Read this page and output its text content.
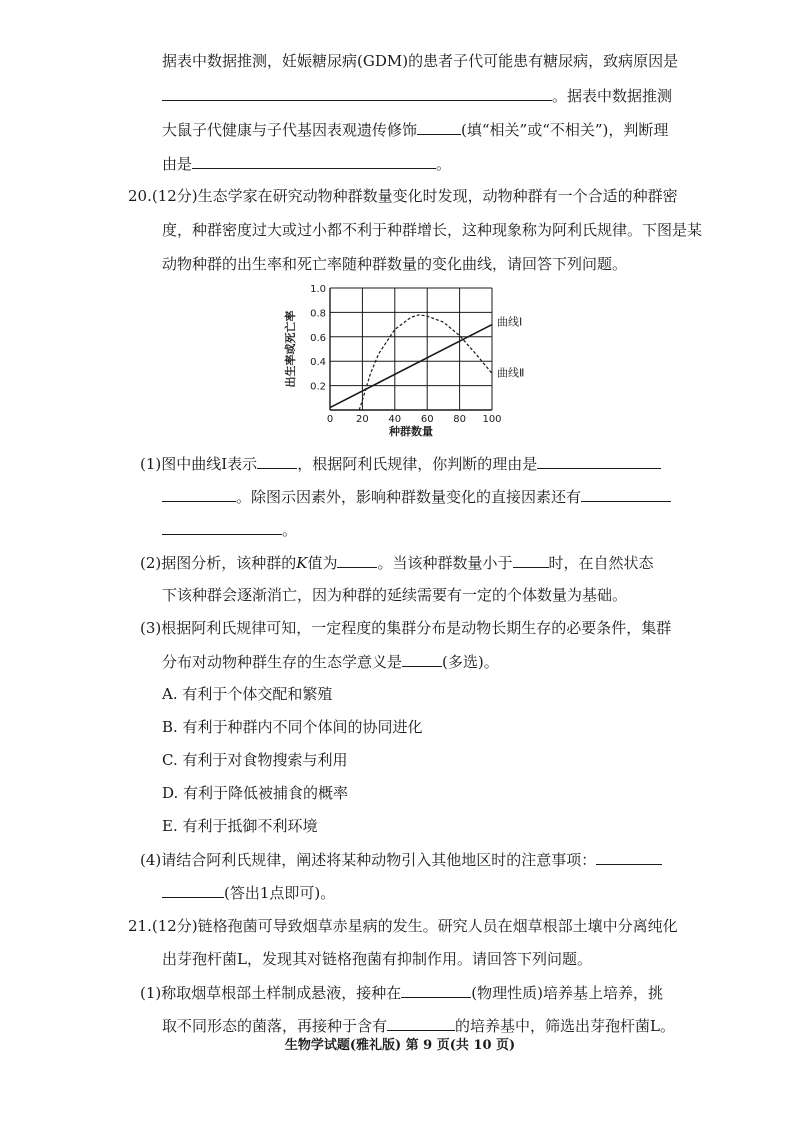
据表中数据推测，妊娠糖尿病(GDM)的患者子代可能患有糖尿病，致病原因是
。据表中数据推测
大鼠子代健康与子代基因表观遗传修饰	(填“相关”或“不相关”)，判断理
由是	。
20.(12分)生态学家在研究动物种群数量变化时发现，动物种群有一个合适的种群密
度，种群密度过大或过小都不利于种群增长，这种现象称为阿利氏规律。下图是某
动物种群的出生率和死亡率随种群数量的变化曲线，请回答下列问题。
0 20 40 60 80 100
0.2
0.4
0.6
0.8
1.0
种群数量
出生率或死亡率	曲线Ⅰ
曲线Ⅱ
(1)图中曲线Ⅰ表示	，根据阿利氏规律，你判断的理由是
。除图示因素外，影响种群数量变化的直接因素还有
。
(2)据图分析，该种群的K值为	。当该种群数量小于 时，在自然状态
下该种群会逐渐消亡，因为种群的延续需要有一定的个体数量为基础。
(3)根据阿利氏规律可知，一定程度的集群分布是动物长期生存的必要条件，集群
分布对动物种群生存的生态学意义是	(多选)。
A. 有利于个体交配和繁殖
B. 有利于种群内不同个体间的协同进化
C. 有利于对食物搜索与利用
D. 有利于降低被捕食的概率
E. 有利于抵御不利环境
(4)请结合阿利氏规律，阐述将某种动物引入其他地区时的注意事项：
(答出1点即可)。
21.(12分)链格孢菌可导致烟草赤星病的发生。研究人员在烟草根部土壤中分离纯化
出芽孢杆菌L，发现其对链格孢菌有抑制作用。请回答下列问题。
(1)称取烟草根部土样制成悬液，接种在	(物理性质)培养基上培养，挑
取不同形态的菌落，再接种于含有	的培养基中，筛选出芽孢杆菌L。
生物学试题(雅礼版) 第 9 页(共 10 页)
